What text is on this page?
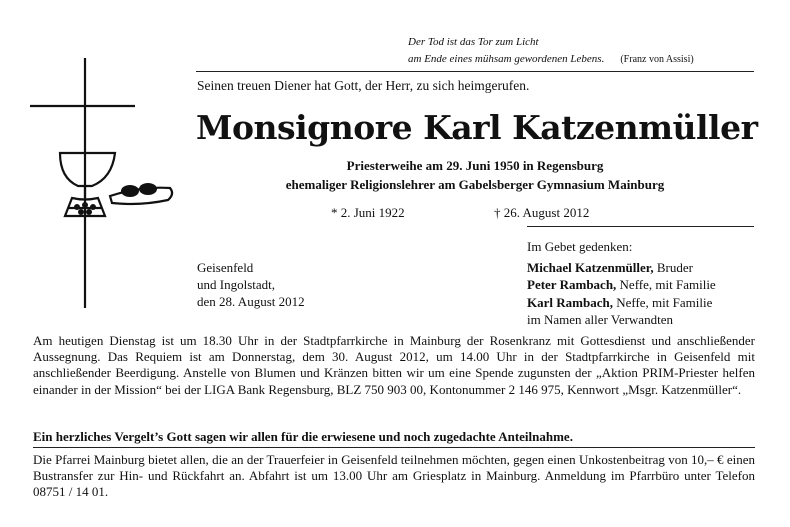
Der Tod ist das Tor zum Licht
am Ende eines mühsam gewordenen Lebens. (Franz von Assisi)
Seinen treuen Diener hat Gott, der Herr, zu sich heimgerufen.
Monsignore Karl Katzenmüller
Priesterweihe am 29. Juni 1950 in Regensburg
ehemaliger Religionslehrer am Gabelsberger Gymnasium Mainburg
* 2. Juni 1922	† 26. August 2012
Geisenfeld
und Ingolstadt,
den 28. August 2012
Im Gebet gedenken:
Michael Katzenmüller, Bruder
Peter Rambach, Neffe, mit Familie
Karl Rambach, Neffe, mit Familie
im Namen aller Verwandten
Am heutigen Dienstag ist um 18.30 Uhr in der Stadtpfarrkirche in Mainburg der Rosenkranz mit Gottesdienst und anschließender Aussegnung. Das Requiem ist am Donnerstag, dem 30. August 2012, um 14.00 Uhr in der Stadtpfarrkirche in Geisenfeld mit anschließender Beerdigung. Anstelle von Blumen und Kränzen bitten wir um eine Spende zugunsten der „Aktion PRIM-Priester helfen einander in der Mission“ bei der LIGA Bank Regensburg, BLZ 750 903 00, Kontonummer 2 146 975, Kennwort „Msgr. Katzenmüller“.
Ein herzliches Vergelt’s Gott sagen wir allen für die erwiesene und noch zugedachte Anteilnahme.
Die Pfarrei Mainburg bietet allen, die an der Trauerfeier in Geisenfeld teilnehmen möchten, gegen einen Unkostenbeitrag von 10,– € einen Bustransfer zur Hin- und Rückfahrt an. Abfahrt ist um 13.00 Uhr am Griesplatz in Mainburg. Anmeldung im Pfarrbüro unter Telefon 08751 / 14 01.
